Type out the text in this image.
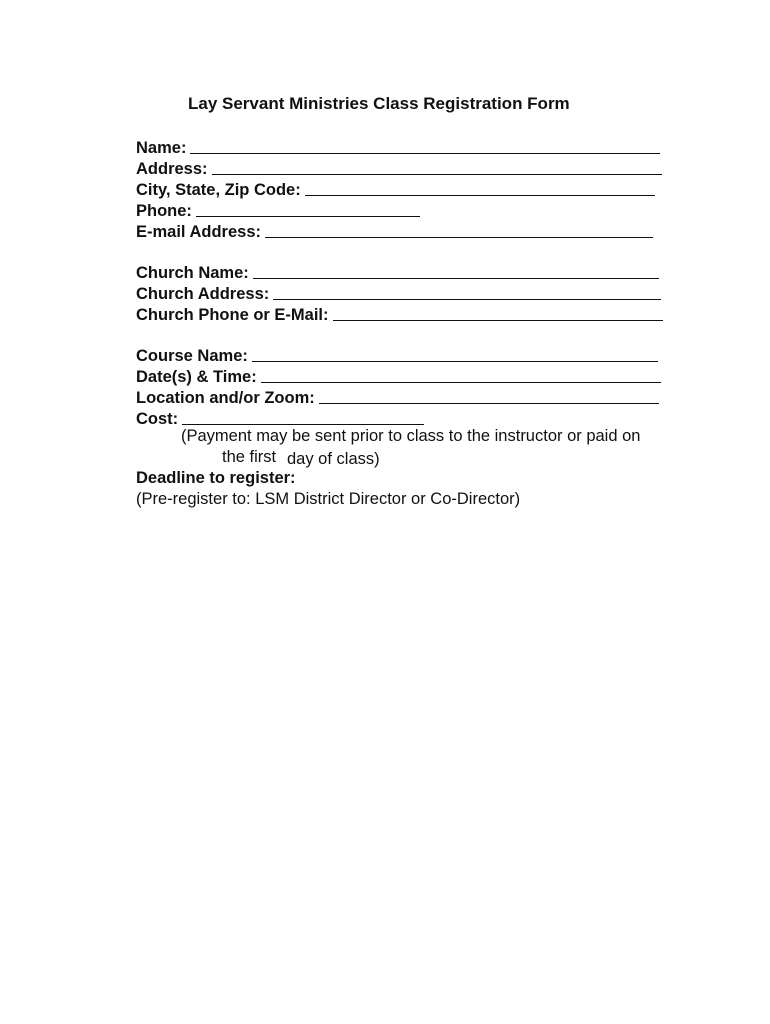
Lay Servant Ministries Class Registration Form
Name:
Address:
City, State, Zip Code:
Phone:
E-mail Address:
Church Name:
Church Address:
Church Phone or E-Mail:
Course Name:
Date(s) & Time:
Location and/or Zoom:
Cost:
(Payment may be sent prior to class to the instructor or paid on
the first day of class)
Deadline to register:
(Pre-register to: LSM District Director or Co-Director)
